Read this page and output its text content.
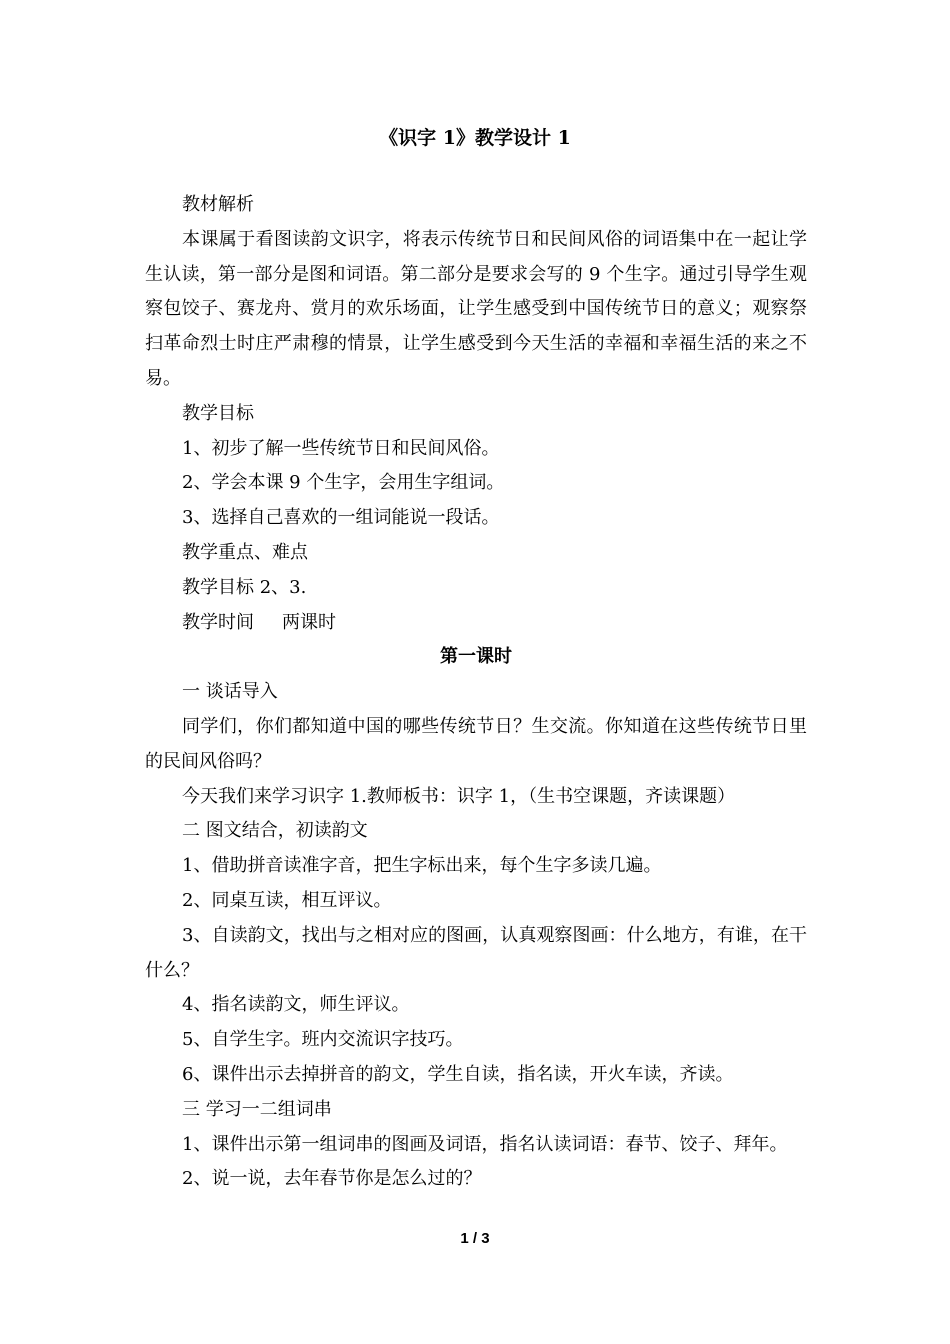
《识字 1》教学设计 1

教材解析

本课属于看图读韵文识字，将表示传统节日和民间风俗的词语集中在一起让学生认读，第一部分是图和词语。第二部分是要求会写的 9 个生字。通过引导学生观察包饺子、赛龙舟、赏月的欢乐场面，让学生感受到中国传统节日的意义；观察祭扫革命烈士时庄严肃穆的情景，让学生感受到今天生活的幸福和幸福生活的来之不易。

教学目标

1、初步了解一些传统节日和民间风俗。

2、学会本课 9 个生字，会用生字组词。

3、选择自己喜欢的一组词能说一段话。

教学重点、难点

教学目标 2、3.

教学时间 两课时

第一课时

一 谈话导入

同学们，你们都知道中国的哪些传统节日？生交流。你知道在这些传统节日里的民间风俗吗？

今天我们来学习识字 1.教师板书：识字 1，（生书空课题，齐读课题）

二 图文结合，初读韵文

1、借助拼音读准字音，把生字标出来，每个生字多读几遍。

2、同桌互读，相互评议。

3、自读韵文，找出与之相对应的图画，认真观察图画：什么地方，有谁，在干什么？

4、指名读韵文，师生评议。

5、自学生字。班内交流识字技巧。

6、课件出示去掉拼音的韵文，学生自读，指名读，开火车读，齐读。

三 学习一二组词串

1、课件出示第一组词串的图画及词语，指名认读词语：春节、饺子、拜年。

2、说一说，去年春节你是怎么过的？

1 / 3
